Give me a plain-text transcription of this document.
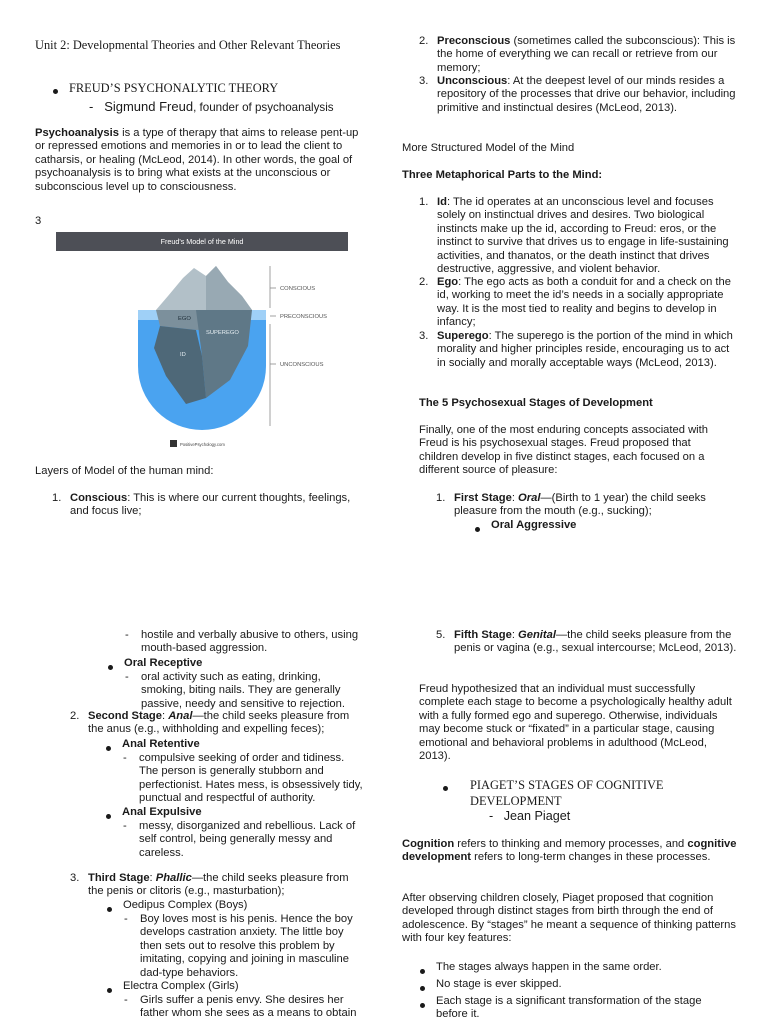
Unit 2: Developmental Theories and Other Relevant Theories
FREUD’S PSYCHONALYTIC THEORY
- Sigmund Freud, founder of psychoanalysis
Psychoanalysis is a type of therapy that aims to release pent-up or repressed emotions and memories in or to lead the client to catharsis, or healing (McLeod, 2014). In other words, the goal of psychoanalysis is to bring what exists at the unconscious or subconscious level up to consciousness.
3
Freud's Model of the Mind
CONSCIOUS
PRECONSCIOUS
UNCONSCIOUS
EGO
SUPEREGO
ID
PositivePsychology.com
Layers of Model of the human mind:
1. Conscious: This is where our current thoughts, feelings, and focus live;
2. Preconscious (sometimes called the subconscious): This is the home of everything we can recall or retrieve from our memory;
3. Unconscious: At the deepest level of our minds resides a repository of the processes that drive our behavior, including primitive and instinctual desires (McLeod, 2013).
More Structured Model of the Mind
Three Metaphorical Parts to the Mind:
1. Id: The id operates at an unconscious level and focuses solely on instinctual drives and desires. Two biological instincts make up the id, according to Freud: eros, or the instinct to survive that drives us to engage in life-sustaining activities, and thanatos, or the death instinct that drives destructive, aggressive, and violent behavior.
2. Ego: The ego acts as both a conduit for and a check on the id, working to meet the id’s needs in a socially appropriate way. It is the most tied to reality and begins to develop in infancy;
3. Superego: The superego is the portion of the mind in which morality and higher principles reside, encouraging us to act in socially and morally acceptable ways (McLeod, 2013).
The 5 Psychosexual Stages of Development
Finally, one of the most enduring concepts associated with Freud is his psychosexual stages. Freud proposed that children develop in five distinct stages, each focused on a different source of pleasure:
1. First Stage: Oral—(Birth to 1 year) the child seeks pleasure from the mouth (e.g., sucking);
Oral Aggressive
- hostile and verbally abusive to others, using mouth-based aggression.
Oral Receptive
- oral activity such as eating, drinking, smoking, biting nails. They are generally passive, needy and sensitive to rejection.
2. Second Stage: Anal—the child seeks pleasure from the anus (e.g., withholding and expelling feces);
Anal Retentive
- compulsive seeking of order and tidiness. The person is generally stubborn and perfectionist. Hates mess, is obsessively tidy, punctual and respectful of authority.
Anal Expulsive
- messy, disorganized and rebellious. Lack of self control, being generally messy and careless.
3. Third Stage: Phallic—the child seeks pleasure from the penis or clitoris (e.g., masturbation);
Oedipus Complex (Boys)
- Boy loves most is his penis. Hence the boy develops castration anxiety. The little boy then sets out to resolve this problem by imitating, copying and joining in masculine dad-type behaviors.
Electra Complex (Girls)
- Girls suffer a penis envy. She desires her father whom she sees as a means to obtain
5. Fifth Stage: Genital—the child seeks pleasure from the penis or vagina (e.g., sexual intercourse; McLeod, 2013).
Freud hypothesized that an individual must successfully complete each stage to become a psychologically healthy adult with a fully formed ego and superego. Otherwise, individuals may become stuck or “fixated” in a particular stage, causing emotional and behavioral problems in adulthood (McLeod, 2013).
PIAGET’S STAGES OF COGNITIVE DEVELOPMENT
- Jean Piaget
Cognition refers to thinking and memory processes, and cognitive development refers to long-term changes in these processes.
After observing children closely, Piaget proposed that cognition developed through distinct stages from birth through the end of adolescence. By “stages” he meant a sequence of thinking patterns with four key features:
The stages always happen in the same order.
No stage is ever skipped.
Each stage is a significant transformation of the stage before it.
